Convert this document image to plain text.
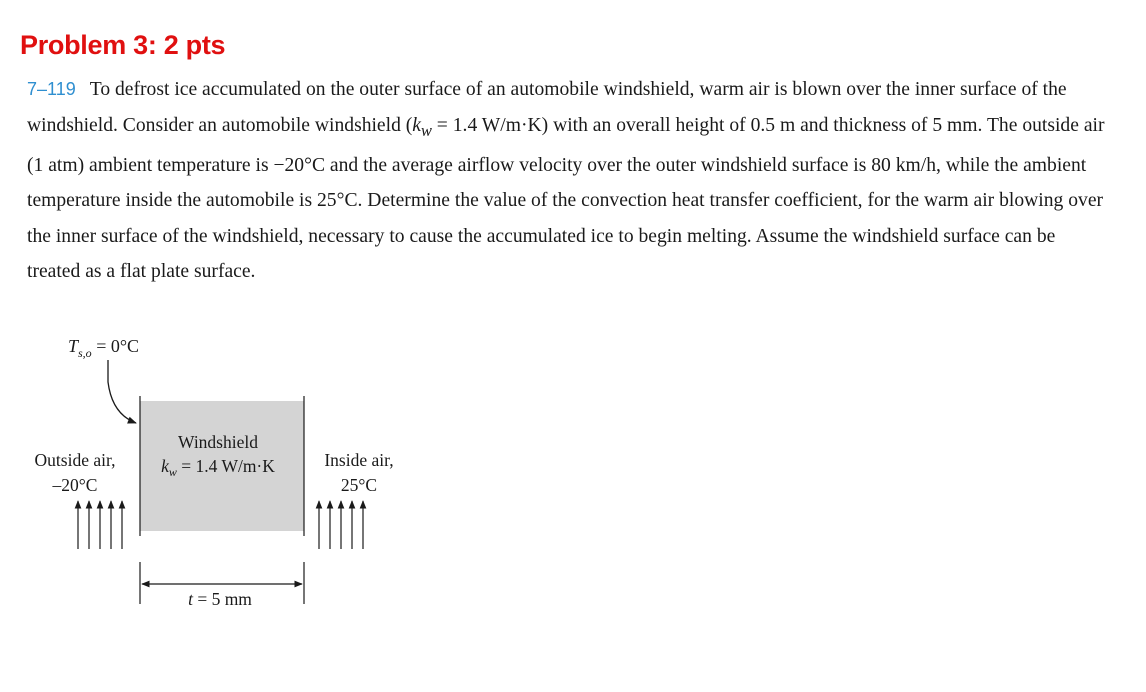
Problem 3: 2 pts
7–119 To defrost ice accumulated on the outer surface of an automobile windshield, warm air is blown over the inner surface of the windshield. Consider an automobile windshield ($k_w = 1.4$ W/m·K) with an overall height of 0.5 m and thickness of 5 mm. The outside air (1 atm) ambient temperature is −20°C and the average airflow velocity over the outer windshield surface is 80 km/h, while the ambient temperature inside the automobile is 25°C. Determine the value of the convection heat transfer coefficient, for the warm air blowing over the inner surface of the windshield, necessary to cause the accumulated ice to begin melting. Assume the windshield surface can be treated as a flat plate surface.
$T_{s,o} = 0^\circ C$
Windshield
$k_w = 1.4$ W/m·K
Outside air,
–20°C
Inside air,
25°C
t = 5 mm
